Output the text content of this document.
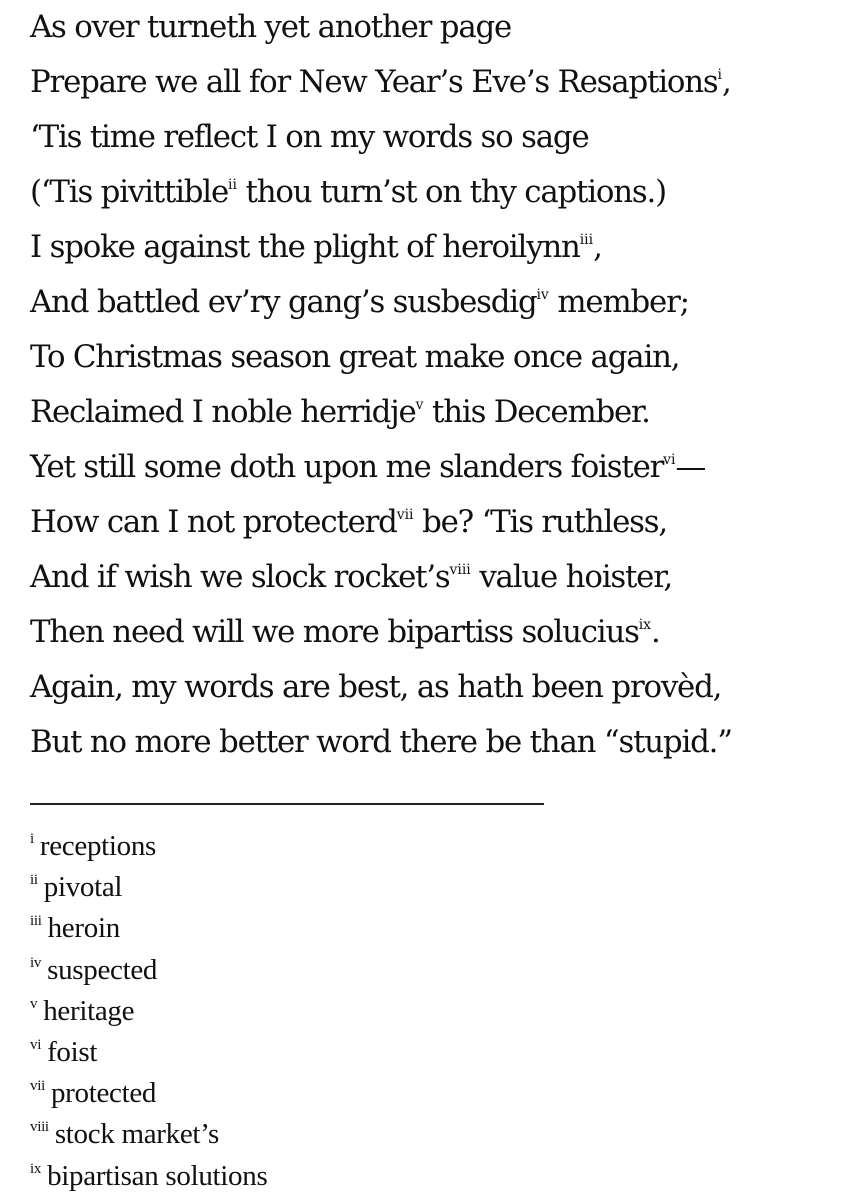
As over turneth yet another page
Prepare we all for New Year’s Eve’s Resaptions$^i$,
‘Tis time reflect I on my words so sage
(‘Tis pivittible$^{ii}$ thou turn’st on thy captions.)
I spoke against the plight of heroilynn$^{iii}$,
And battled ev’ry gang’s susbesdig$^{iv}$ member;
To Christmas season great make once again,
Reclaimed I noble herridje$^v$ this December.
Yet still some doth upon me slanders foister$^{vi}$—
How can I not protecterd$^{vii}$ be? ‘Tis ruthless,
And if wish we slock $rocket’s^{viii}$ value hoister,
Then need will we more bipartiss solucius$^{ix}$.
Again, my words are best, as hath been provèd,
But no more better word there be than “stupid.”
$^i$ receptions
$^{ii}$ pivotal
$^{iii}$ heroin
$^{iv}$ suspected
$^v$ heritage
$^{vi}$ foist
$^{vii}$ protected
$^{viii}$ stock market’s
$^{ix}$ bipartisan solutions
